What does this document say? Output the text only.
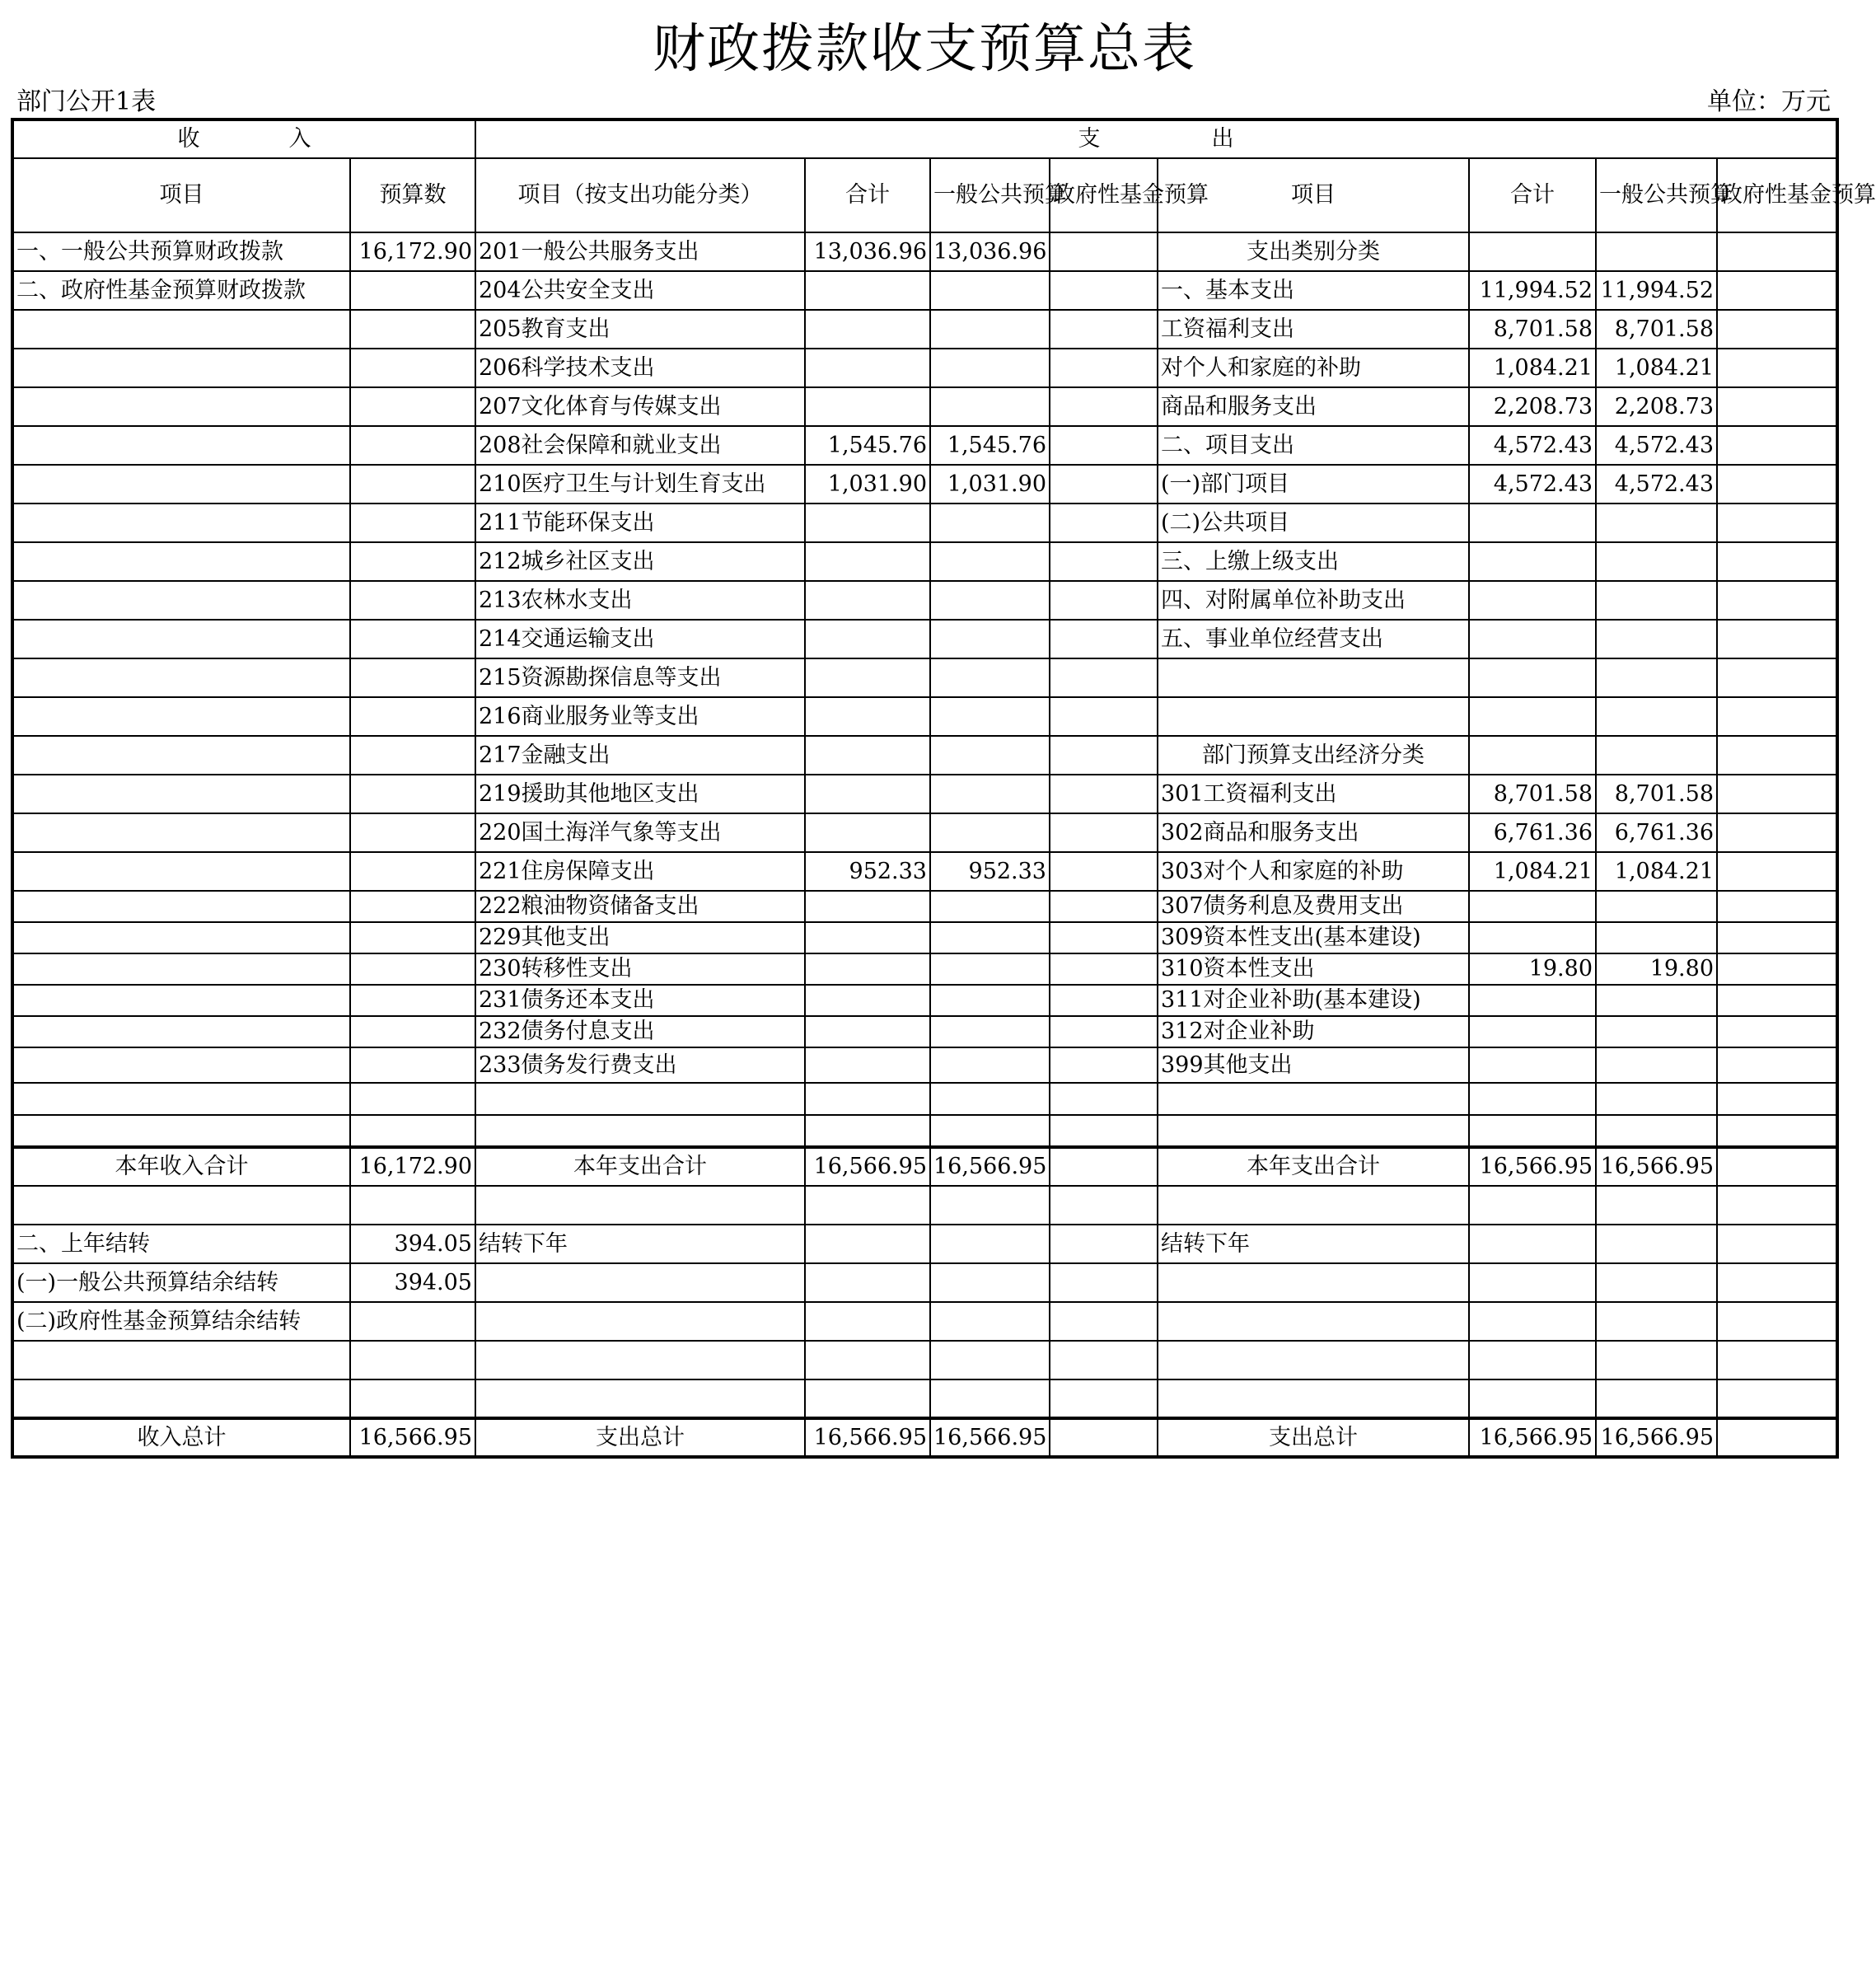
财政拨款收支预算总表
部门公开1表	单位：万元
收　　　　入		支　　　　　出							
项目	预算数	项目（按支出功能分类）	合计	一般公共预算	政府性基金预算	项目	合计	一般公共预算	政府性基金预算
一、一般公共预算财政拨款	16,172.90	201一般公共服务支出	13,036.96	13,036.96		支出类别分类			
二、政府性基金预算财政拨款		204公共安全支出				一、基本支出	11,994.52	11,994.52	
		205教育支出				工资福利支出	8,701.58	8,701.58	
		206科学技术支出				对个人和家庭的补助	1,084.21	1,084.21	
		207文化体育与传媒支出				商品和服务支出	2,208.73	2,208.73	
		208社会保障和就业支出	1,545.76	1,545.76		二、项目支出	4,572.43	4,572.43	
		210医疗卫生与计划生育支出	1,031.90	1,031.90		(一)部门项目	4,572.43	4,572.43	
		211节能环保支出				(二)公共项目			
		212城乡社区支出				三、上缴上级支出			
		213农林水支出				四、对附属单位补助支出			
		214交通运输支出				五、事业单位经营支出			
		215资源勘探信息等支出							
		216商业服务业等支出							
		217金融支出				部门预算支出经济分类			
		219援助其他地区支出				301工资福利支出	8,701.58	8,701.58	
		220国土海洋气象等支出				302商品和服务支出	6,761.36	6,761.36	
		221住房保障支出	952.33	952.33		303对个人和家庭的补助	1,084.21	1,084.21	
		222粮油物资储备支出				307债务利息及费用支出			
		229其他支出				309资本性支出(基本建设)			
		230转移性支出				310资本性支出	19.80	19.80	
		231债务还本支出				311对企业补助(基本建设)			
		232债务付息支出				312对企业补助			
		233债务发行费支出				399其他支出			

本年收入合计	16,172.90	本年支出合计	16,566.95	16,566.95		本年支出合计	16,566.95	16,566.95	

二、上年结转	394.05	结转下年				结转下年			
(一)一般公共预算结余结转	394.05								
(二)政府性基金预算结余结转									

收入总计	16,566.95	支出总计	16,566.95	16,566.95		支出总计	16,566.95	16,566.95	
